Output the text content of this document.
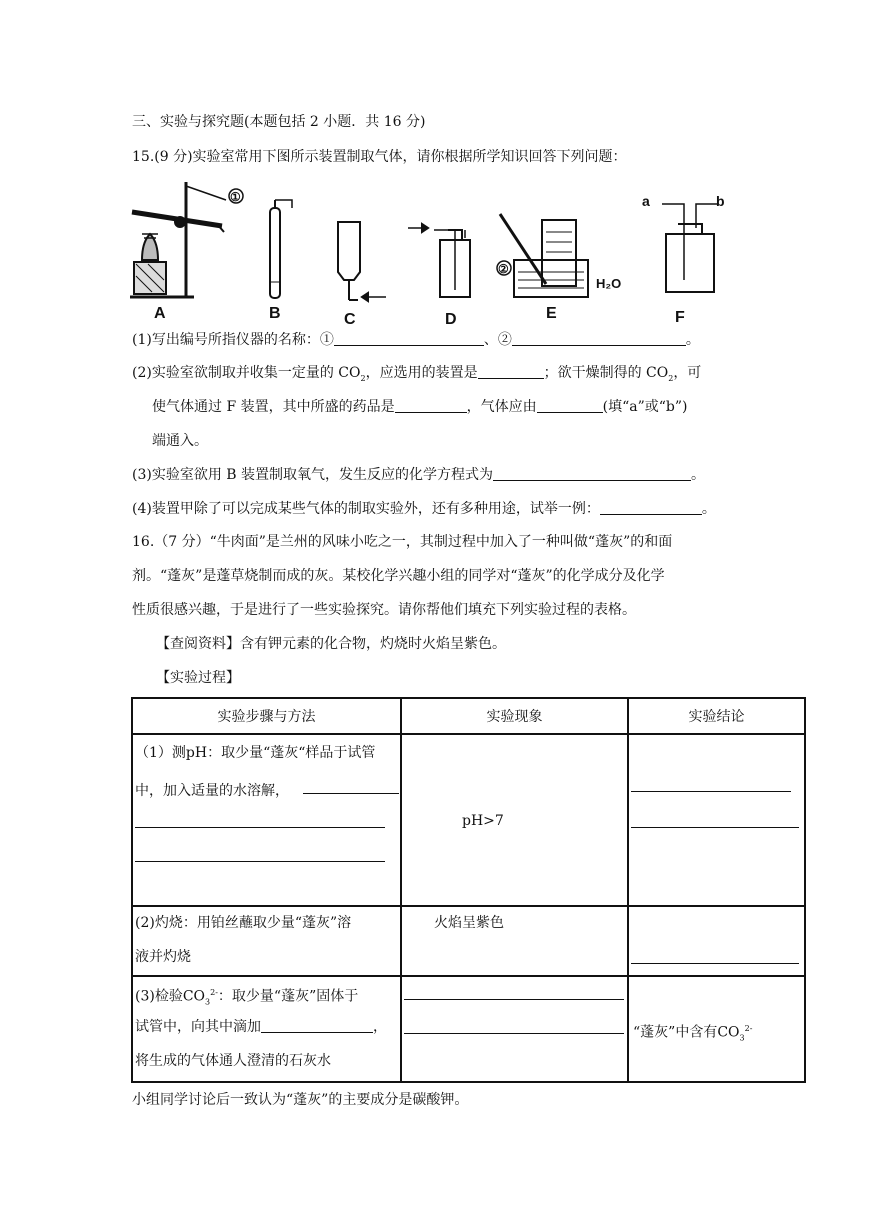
三、实验与探究题(本题包括 2 小题．共 16 分)
15.(9 分)实验室常用下图所示装置制取气体，请你根据所学知识回答下列问题：
A	B	C	D	E	F
①
②
H₂O
a	b
(1)写出编号所指仪器的名称：①	、②	。
(2)实验室欲制取并收集一定量的 $CO_2$，应选用的装置是	；欲干燥制得的 $CO_2$，可
使气体通过 F 装置，其中所盛的药品是	，气体应由	(填“a”或“b”)
端通入。
(3)实验室欲用 B 装置制取氧气，发生反应的化学方程式为	。
(4)装置甲除了可以完成某些气体的制取实验外，还有多种用途，试举一例：	。
16.（7 分）“牛肉面”是兰州的风味小吃之一，其制过程中加入了一种叫做“蓬灰”的和面
剂。“蓬灰”是蓬草烧制而成的灰。某校化学兴趣小组的同学对“蓬灰”的化学成分及化学
性质很感兴趣，于是进行了一些实验探究。请你帮他们填充下列实验过程的表格。
【查阅资料】含有钾元素的化合物，灼烧时火焰呈紫色。
【实验过程】
实验步骤与方法	实验现象	实验结论

（1）测pH：取少量“蓬灰“样品于试管
中，加入适量的水溶解，	pH>7	

(2)灼烧：用铂丝蘸取少量“蓬灰”溶
液并灼烧	火焰呈紫色	

(3)检验$CO_3^{2-}$：取少量“蓬灰”固体于
试管中，向其中滴加 ，
将生成的气体通人澄清的石灰水		“蓬灰”中含有$CO_3^{2-}$
小组同学讨论后一致认为“蓬灰”的主要成分是碳酸钾。
